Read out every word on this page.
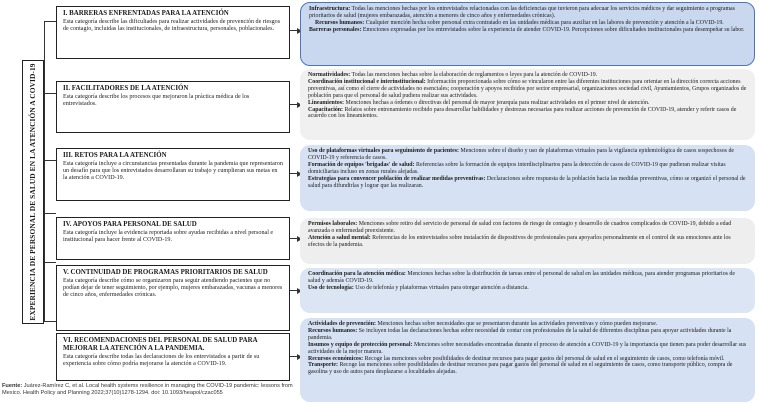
EXPERIENCIA DE PERSONAL DE SALUD EN LA ATENCIÓN A COVID-19
I. BARRERAS ENFRENTADAS PARA LA ATENCIÓN
Esta categoría describe las dificultades para realizar actividades de prevención de riesgos de contagio, incluidas las institucionales, de infraestructura, personales, poblacionales.

Infraestructura: Todas las menciones hechas por los entrevistados relacionadas con las deficiencias que tuvieron para adecuar los servicios médicos y dar seguimiento a programas prioritarios de salud (mujeres embarazadas, atención a menores de cinco años y enfermedades crónicas).

Recursos humanos: Cualquier mención hecha sobre personal extra contratado en las unidades médicas para auxiliar en las labores de prevención y atención a la COVID-19.

Barreras personales: Emociones expresadas por los entrevistados sobre la experiencia de atender COVID-19. Percepciones sobre dificultades institucionales para desempeñar su labor.

II. FACILITADORES DE LA ATENCIÓN
Esta categoría describe los procesos que mejoraron la práctica médica de los entrevistados.

Normatividades: Todas las menciones hechas sobre la elaboración de reglamentos o leyes para la atención de COVID-19.

Coordinación institucional e interinstitucional: Información proporcionada sobre cómo se vincularon entre las diferentes instituciones para orientar en la dirección correcta acciones preventivas, así como el cierre de actividades no esenciales; cooperación y apoyos recibidos por sector empresarial, organizaciones sociedad civil, Ayuntamientos, Grupos organizados de población para que el personal de salud pudiera realizar sus actividades.

Lineamientos: Menciones hechas a órdenes o directivas del personal de mayor jerarquía para realizar actividades en el primer nivel de atención.

Capacitación: Relatos sobre entrenamiento recibido para desarrollar habilidades y destrezas necesarias para realizar acciones de prevención de COVID-19, atender y referir casos de acuerdo con los lineamientos.

III. RETOS PARA LA ATENCIÓN
Esta categoría incluye a circunstancias presentadas durante la pandemia que representaron un desafío para que los entrevistados desarrollaran su trabajo y cumplieran sus metas en la atención a COVID-19.

Uso de plataformas virtuales para seguimiento de pacientes: Menciones sobre el diseño y uso de plataformas virtuales para la vigilancia epidemiológica de casos sospechosos de COVID-19 y referencia de casos.

Formación de equipos 'brigadas' de salud: Referencias sobre la formación de equipos interdisciplinarios para la detección de casos de COVID-19 que pudieran realizar visitas domiciliarias incluso en zonas rurales alejadas.

Estrategias para convencer población de realizar medidas preventivas: Declaraciones sobre respuesta de la población hacia las medidas preventivas, cómo se organizó el personal de salud para difundirlas y lograr que las realizaran.

IV. APOYOS PARA PERSONAL DE SALUD
Esta categoría incluye la evidencia reportada sobre ayudas recibidas a nivel personal e institucional para hacer frente al COVID-19.

Permisos laborales: Menciones sobre retiro del servicio de personal de salud con factores de riesgo de contagio y desarrollo de cuadros complicados de COVID-19, debido a edad avanzada o enfermedad preexistente.

Atención a salud mental: Referencias de los entrevistados sobre instalación de dispositivos de profesionales para apoyarlos personalmente en el control de sus emociones ante los efectos de la pandemia.

V. CONTINUIDAD DE PROGRAMAS PRIORITARIOS DE SALUD
Esta categoría describe cómo se organizaron para seguir atendiendo pacientes que no podían dejar de tener seguimiento, por ejemplo, mujeres embarazadas, vacunas a menores de cinco años, enfermedades crónicas.

Coordinación para la atención médica: Menciones hechas sobre la distribución de tareas entre el personal de salud en las unidades médicas, para atender programas prioritarios de salud y además COVID-19.

Uso de tecnología: Uso de telefonía y plataformas virtuales para otorgar atención a distancia.

VI. RECOMENDACIONES DEL PERSONAL DE SALUD PARA MEJORAR LA ATENCIÓN A LA PANDEMIA.
Esta categoría describe todas las declaraciones de los entrevistados a partir de su experiencia sobre cómo podría mejorarse la atención a COVID-19.

Actividades de prevención: Menciones hechas sobre necesidades que se presentaron durante las actividades preventivas y cómo pueden mejorarse.

Recursos humanos: Se incluyen todas las declaraciones hechas sobre necesidad de contar con profesionales de la salud de diferentes disciplinas para apoyar actividades durante la pandemia.

Insumos y equipo de protección personal: Menciones sobre necesidades encontradas durante el proceso de atención a COVID-19 y la importancia que tienen para poder desarrollar sus actividades de la mejor manera.

Recursos económicos: Recoge las menciones sobre posibilidades de destinar recursos para pagar gastos del personal de salud en el seguimiento de casos, como telefonía móvil.

Transporte: Recoge las menciones sobre posibilidades de destinar recursos para pagar gastos del personal de salud en el seguimiento de casos, como transporte público, compra de gasolina y uso de autos para desplazarse a localidades alejadas.

Fuente: Juárez-Ramírez C, et al. Local health systems resilience in managing the COVID-19 pandemic: lessons from Mexico. Health Policy and Planning 2022;37(10)1278-1294. doi: 10.1093/heapol/czac055
